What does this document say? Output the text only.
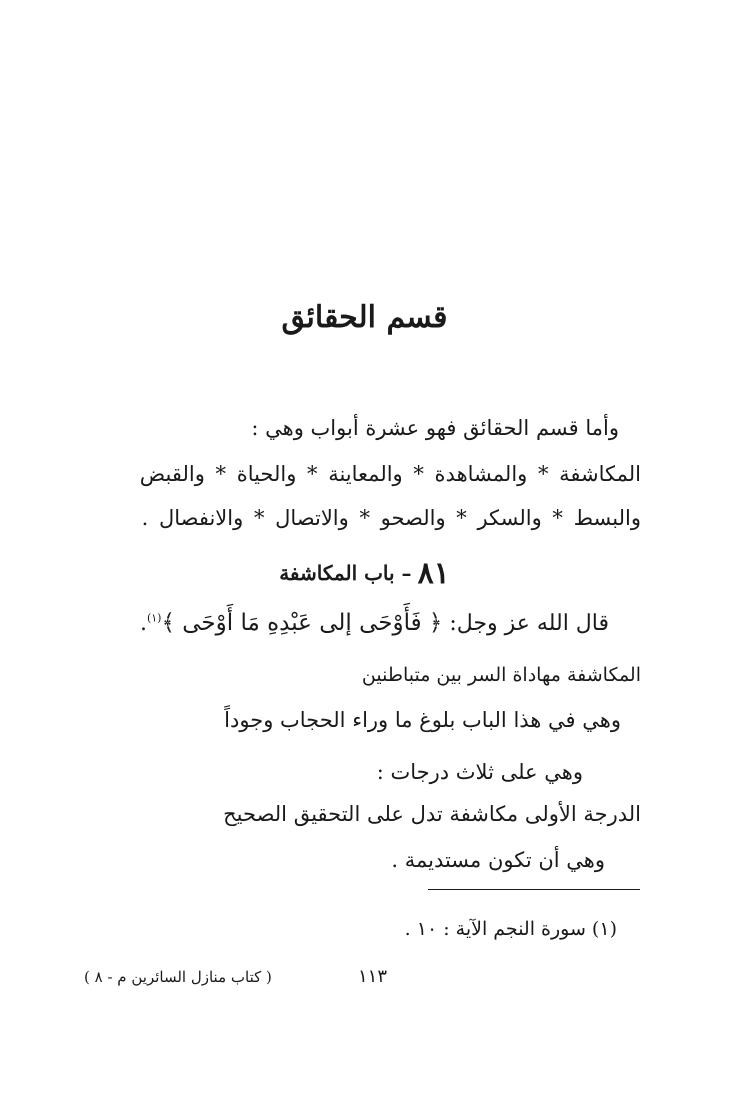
قسم الحقائق
وأما قسم الحقائق فهو عشرة أبواب وهي :
المكاشفة * والمشاهدة * والمعاينة * والحياة * والقبض
والبسط * والسكر * والصحو * والاتصال * والانفصال .
٨١– باب المكاشفة
قال الله عز وجل: ﴿ فَأَوْحَى إلى عَبْدِهِ مَا أَوْحَى ﴾$^{(١)}$.
المكاشفة مهاداة السر بين متباطنين
وهي في هذا الباب بلوغ ما وراء الحجاب وجوداً
وهي على ثلاث درجات :
الدرجة الأولى مكاشفة تدل على التحقيق الصحيح
وهي أن تكون مستديمة .
(١) سورة النجم الآية : ١٠ .
١١٣
( كتاب منازل السائرين م - ٨ )
